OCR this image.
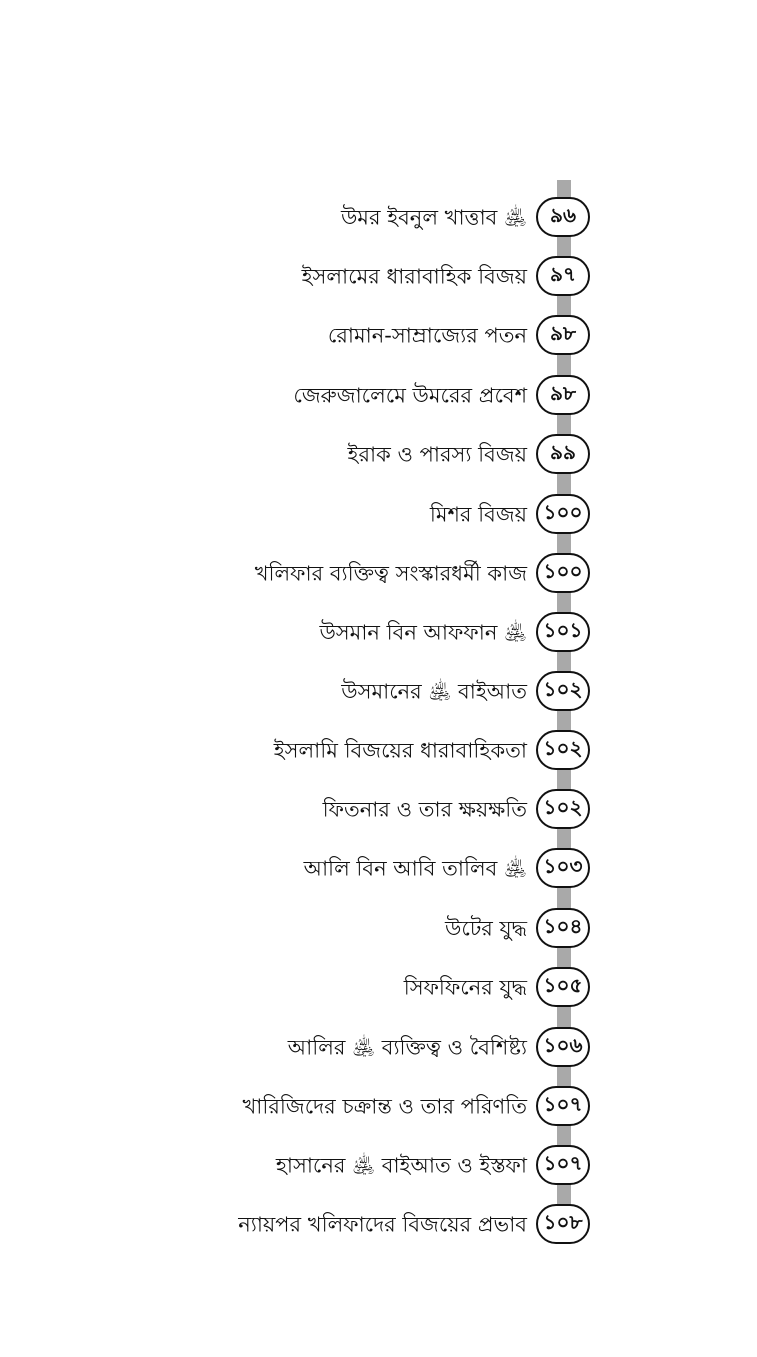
উমর ইবনুল খাত্তাব ﵁	৯৬
ইসলামের ধারাবাহিক বিজয়	৯৭
রোমান-সাম্রাজ্যের পতন	৯৮
জেরুজালেমে উমরের প্রবেশ	৯৮
ইরাক ও পারস্য বিজয়	৯৯
মিশর বিজয় ১০০
খলিফার ব্যক্তিত্ব সংস্কারধর্মী কাজ ১০০
উসমান বিন আফফান ﵁ ১০১
উসমানের ﵁ বাইআত ১০২
ইসলামি বিজয়ের ধারাবাহিকতা ১০২
ফিতনার ও তার ক্ষয়ক্ষতি ১০২
আলি বিন আবি তালিব ﵁ ১০৩
উটের যুদ্ধ ১০৪
সিফফিনের যুদ্ধ ১০৫
আলির ﵁ ব্যক্তিত্ব ও বৈশিষ্ট্য ১০৬
খারিজিদের চক্রান্ত ও তার পরিণতি ১০৭
হাসানের ﵁ বাইআত ও ইস্তফা ১০৭
ন্যায়পর খলিফাদের বিজয়ের প্রভাব ১০৮
